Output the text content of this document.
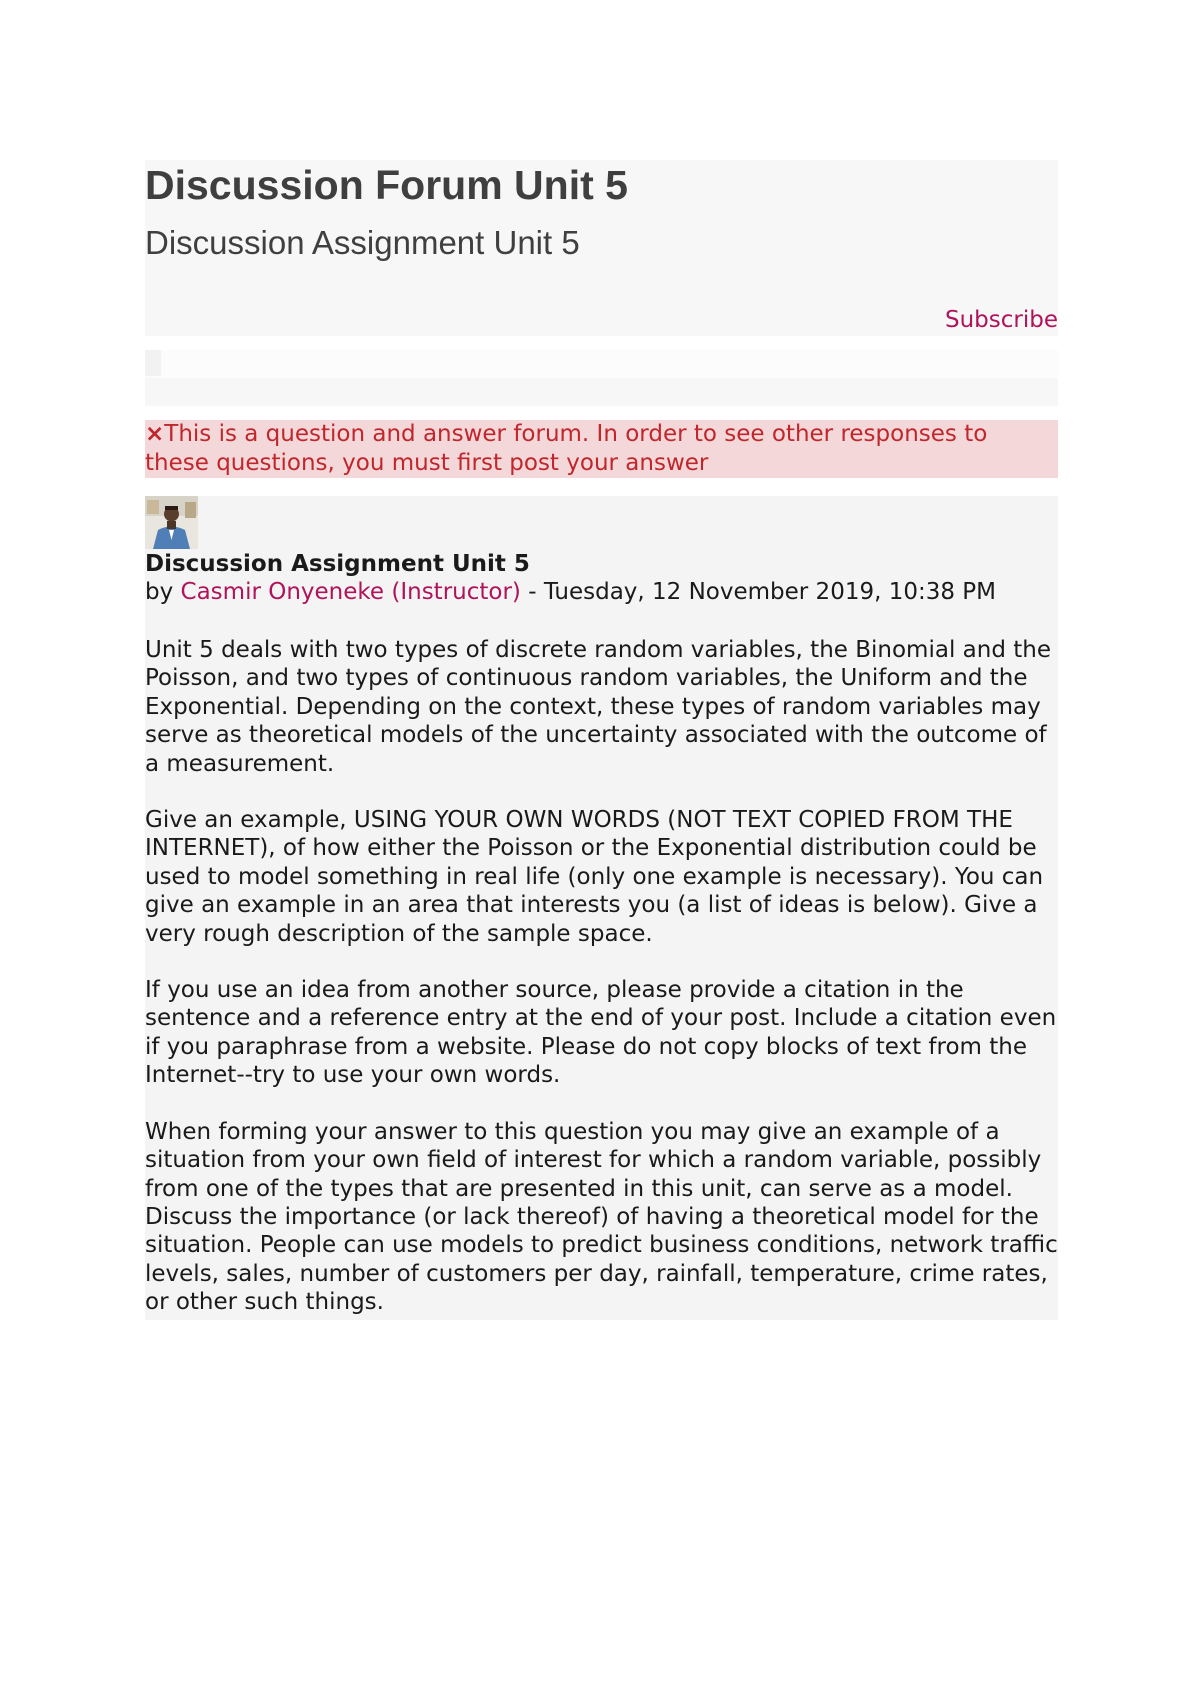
Discussion Forum Unit 5
Discussion Assignment Unit 5
Subscribe
×This is a question and answer forum. In order to see other responses to these questions, you must first post your answer
Discussion Assignment Unit 5
by Casmir Onyeneke (Instructor) - Tuesday, 12 November 2019, 10:38 PM

Unit 5 deals with two types of discrete random variables, the Binomial and the Poisson, and two types of continuous random variables, the Uniform and the Exponential. Depending on the context, these types of random variables may serve as theoretical models of the uncertainty associated with the outcome of a measurement.

Give an example, USING YOUR OWN WORDS (NOT TEXT COPIED FROM THE INTERNET), of how either the Poisson or the Exponential distribution could be used to model something in real life (only one example is necessary). You can give an example in an area that interests you (a list of ideas is below). Give a very rough description of the sample space.

If you use an idea from another source, please provide a citation in the sentence and a reference entry at the end of your post. Include a citation even if you paraphrase from a website. Please do not copy blocks of text from the Internet--try to use your own words.

When forming your answer to this question you may give an example of a situation from your own field of interest for which a random variable, possibly from one of the types that are presented in this unit, can serve as a model. Discuss the importance (or lack thereof) of having a theoretical model for the situation. People can use models to predict business conditions, network traffic levels, sales, number of customers per day, rainfall, temperature, crime rates, or other such things.
